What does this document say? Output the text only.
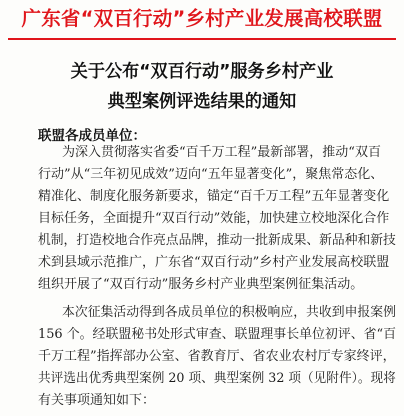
广东省“双百行动”乡村产业发展高校联盟
关于公布“双百行动”服务乡村产业
典型案例评选结果的通知
联盟各成员单位：
为深入贯彻落实省委“百千万工程”最新部署，推动“双百
行动”从“三年初见成效”迈向“五年显著变化”，聚焦常态化、
精准化、制度化服务新要求，锚定“百千万工程”五年显著变化
目标任务，全面提升“双百行动”效能，加快建立校地深化合作
机制，打造校地合作亮点品牌，推动一批新成果、新品种和新技
术到县域示范推广，广东省“双百行动”乡村产业发展高校联盟
组织开展了“双百行动”服务乡村产业典型案例征集活动。
本次征集活动得到各成员单位的积极响应，共收到申报案例
156 个。经联盟秘书处形式审查、联盟理事长单位初评、省“百
千万工程”指挥部办公室、省教育厅、省农业农村厅专家终评，
共评选出优秀典型案例 20 项、典型案例 32 项（见附件）。现将
有关事项通知如下：
